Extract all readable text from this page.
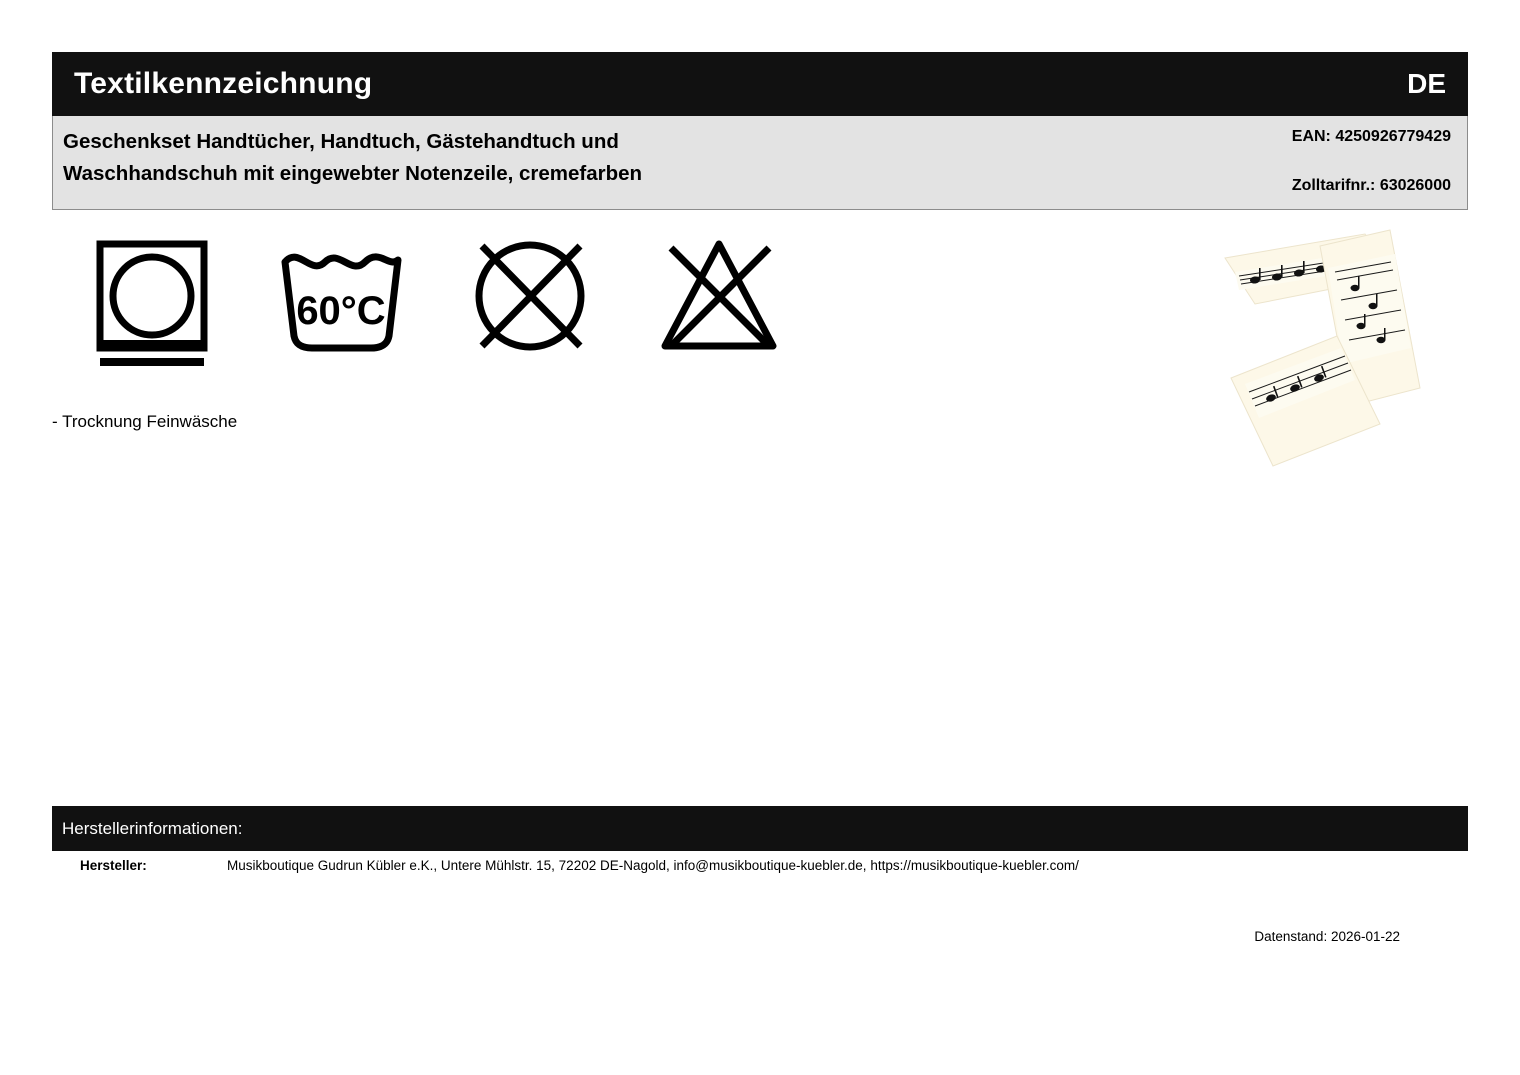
Textilkennzeichnung	DE
Geschenkset Handtücher, Handtuch, Gästehandtuch und
Waschhandschuh mit eingewebter Notenzeile, cremefarben
EAN: 4250926779429
Zolltarifnr.: 63026000
60°C
- Trocknung Feinwäsche
Herstellerinformationen:
Hersteller:	Musikboutique Gudrun Kübler e.K., Untere Mühlstr. 15, 72202 DE-Nagold, info@musikboutique-kuebler.de, https://musikboutique-kuebler.com/
Datenstand: 2026-01-22
